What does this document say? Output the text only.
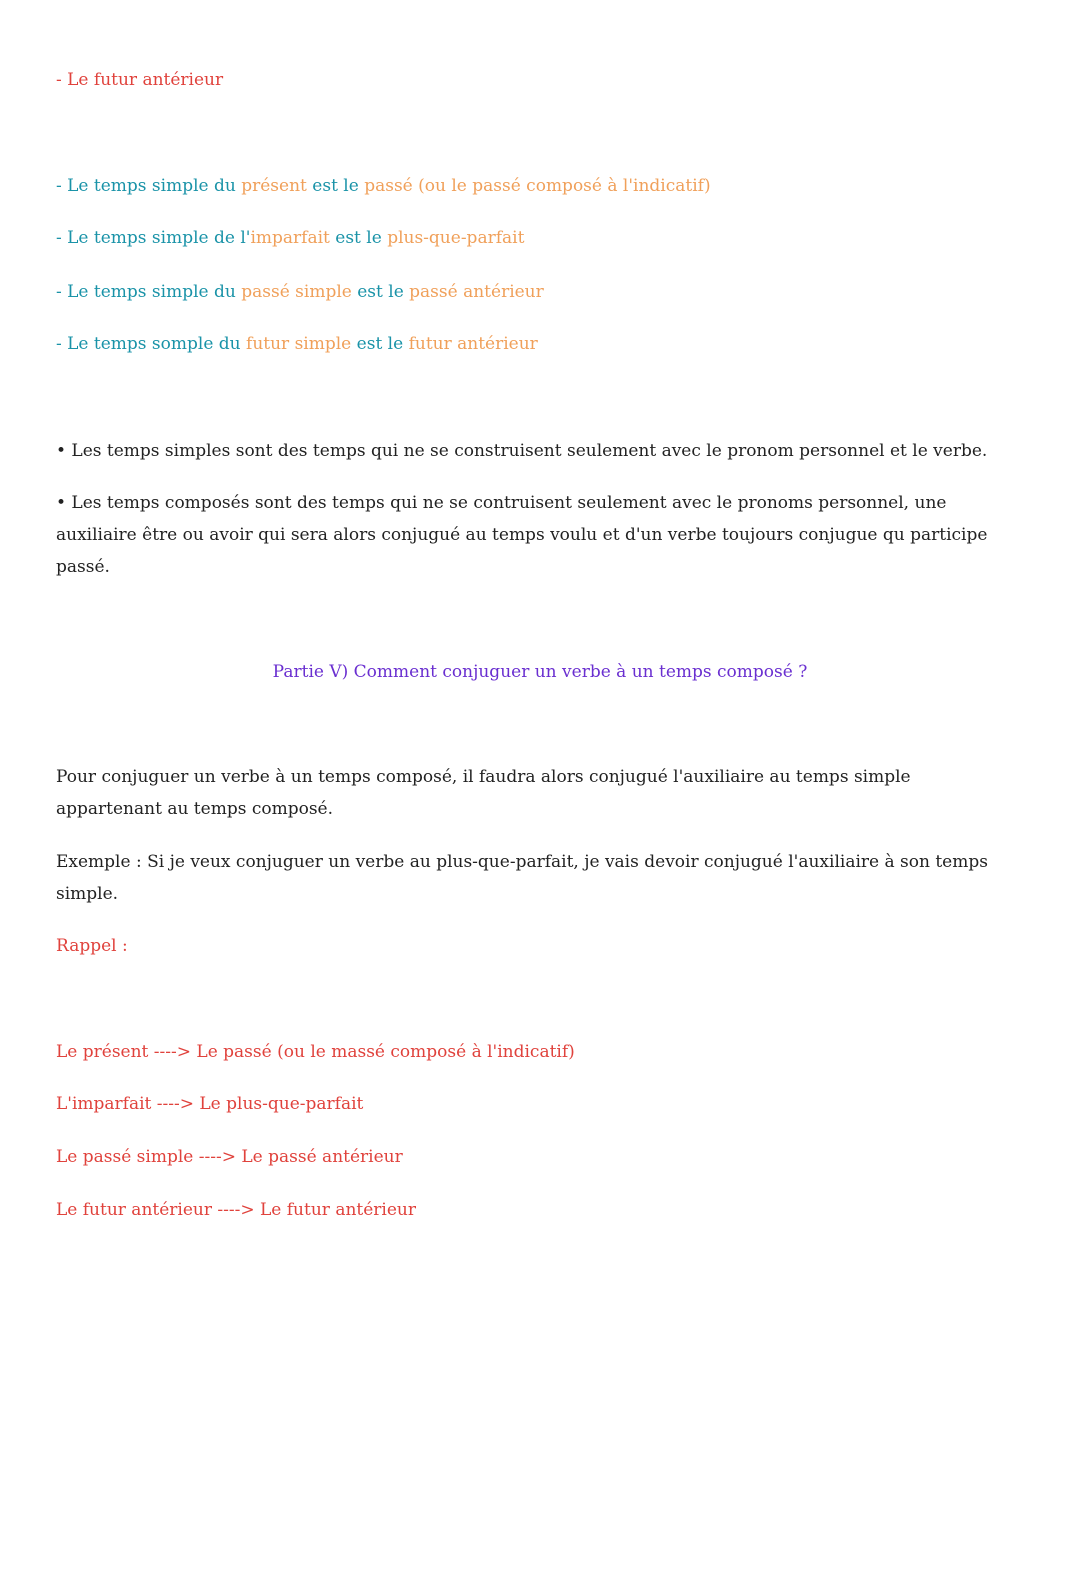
- Le futur antérieur
- Le temps simple du présent est le passé (ou le passé composé à l'indicatif)
- Le temps simple de l'imparfait est le plus-que-parfait
- Le temps simple du passé simple est le passé antérieur
- Le temps somple du futur simple est le futur antérieur
• Les temps simples sont des temps qui ne se construisent seulement avec le pronom personnel et le verbe.
• Les temps composés sont des temps qui ne se contruisent seulement avec le pronoms personnel, une auxiliaire être ou avoir qui sera alors conjugué au temps voulu et d'un verbe toujours conjugue qu participe passé.
Partie V) Comment conjuguer un verbe à un temps composé ?
Pour conjuguer un verbe à un temps composé, il faudra alors conjugué l'auxiliaire au temps simple appartenant au temps composé.
Exemple : Si je veux conjuguer un verbe au plus-que-parfait, je vais devoir conjugué l'auxiliaire à son temps simple.
Rappel :
Le présent ----> Le passé (ou le massé composé à l'indicatif)
L'imparfait ----> Le plus-que-parfait
Le passé simple ----> Le passé antérieur
Le futur antérieur ----> Le futur antérieur
